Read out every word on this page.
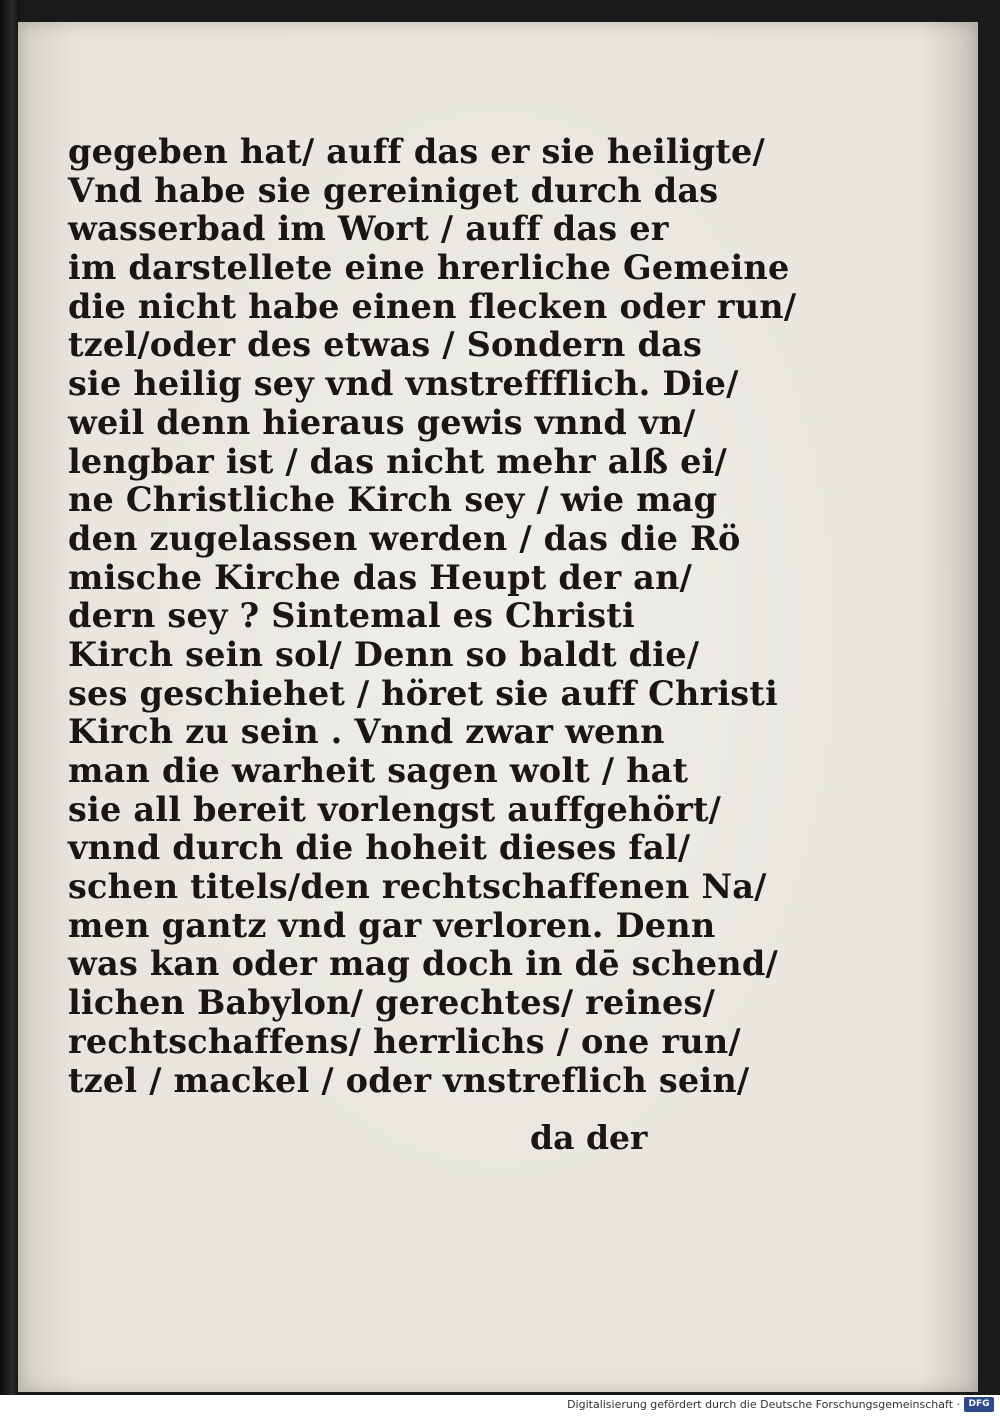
gegeben hat/ auff das er sie heiligte/
Vnd habe sie gereiniget durch das
wasserbad im Wort / auff das er
im darstellete eine hrerliche Gemeine
die nicht habe einen flecken oder run/
tzel/oder des etwas / Sondern das
sie heilig sey vnd vnstreffflich. Die/
weil denn hieraus gewis vnnd vn/
lengbar ist / das nicht mehr alß ei/
ne Christliche Kirch sey / wie mag
den zugelassen werden / das die Rö
mische Kirche das Heupt der an/
dern sey ? Sintemal es Christi
Kirch sein sol/ Denn so baldt die/
ses geschiehet / höret sie auff Christi
Kirch zu sein . Vnnd zwar wenn
man die warheit sagen wolt / hat
sie all bereit vorlengst auffgehört/
vnnd durch die hoheit dieses fal/
schen titels/den rechtschaffenen Na/
men gantz vnd gar verloren. Denn
was kan oder mag doch in dē schend/
lichen Babylon/ gerechtes/ reines/
rechtschaffens/ herrlichs / one run/
tzel / mackel / oder vnstreflich sein/
da der
Digitalisierung gefördert durch die Deutsche Forschungsgemeinschaft · DFG
